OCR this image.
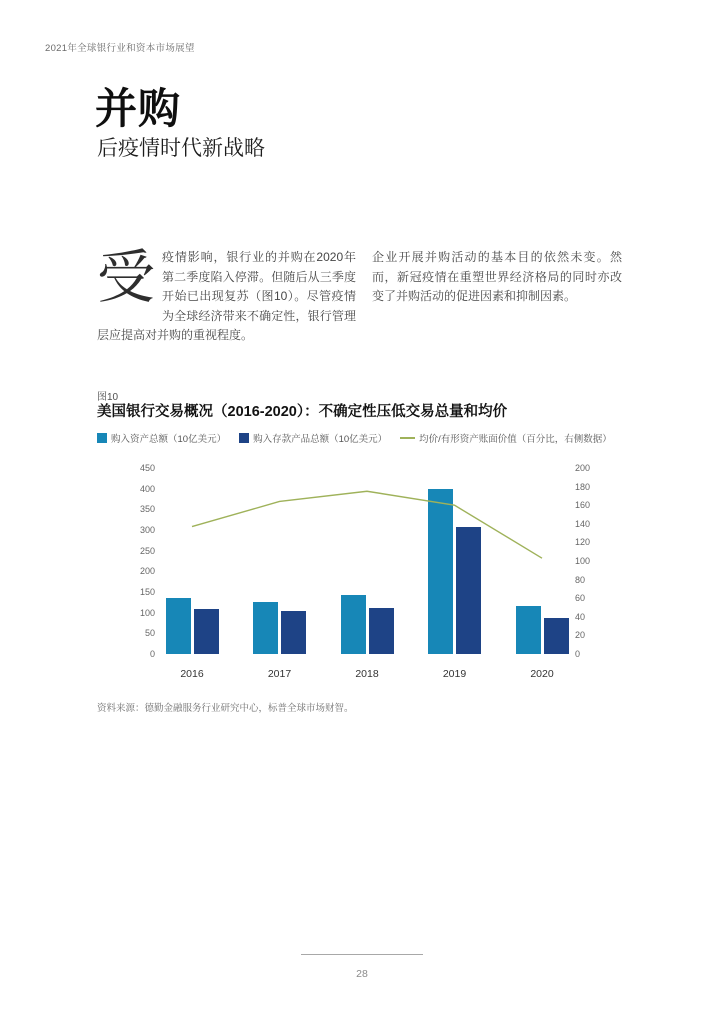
2021年全球银行业和资本市场展望
并购
后疫情时代新战略
受疫情影响，银行业的并购在2020年第二季度陷入停滞。但随后从三季度开始已出现复苏（图10）。尽管疫情为全球经济带来不确定性，银行管理层应提高对并购的重视程度。
企业开展并购活动的基本目的依然未变。然而，新冠疫情在重塑世界经济格局的同时亦改变了并购活动的促进因素和抑制因素。
图10
美国银行交易概况（2016-2020）：不确定性压低交易总量和均价
购入资产总额（10亿美元）	购入存款产品总额（10亿美元）	均价/有形资产账面价值（百分比，右侧数据）
450
400
350
300
250
200
150
100
50
0
200
180
160
140
120
100
80
60
40
20
0
2016	2017	2018	2019	2020
资料来源：德勤金融服务行业研究中心，标普全球市场财智。
28
